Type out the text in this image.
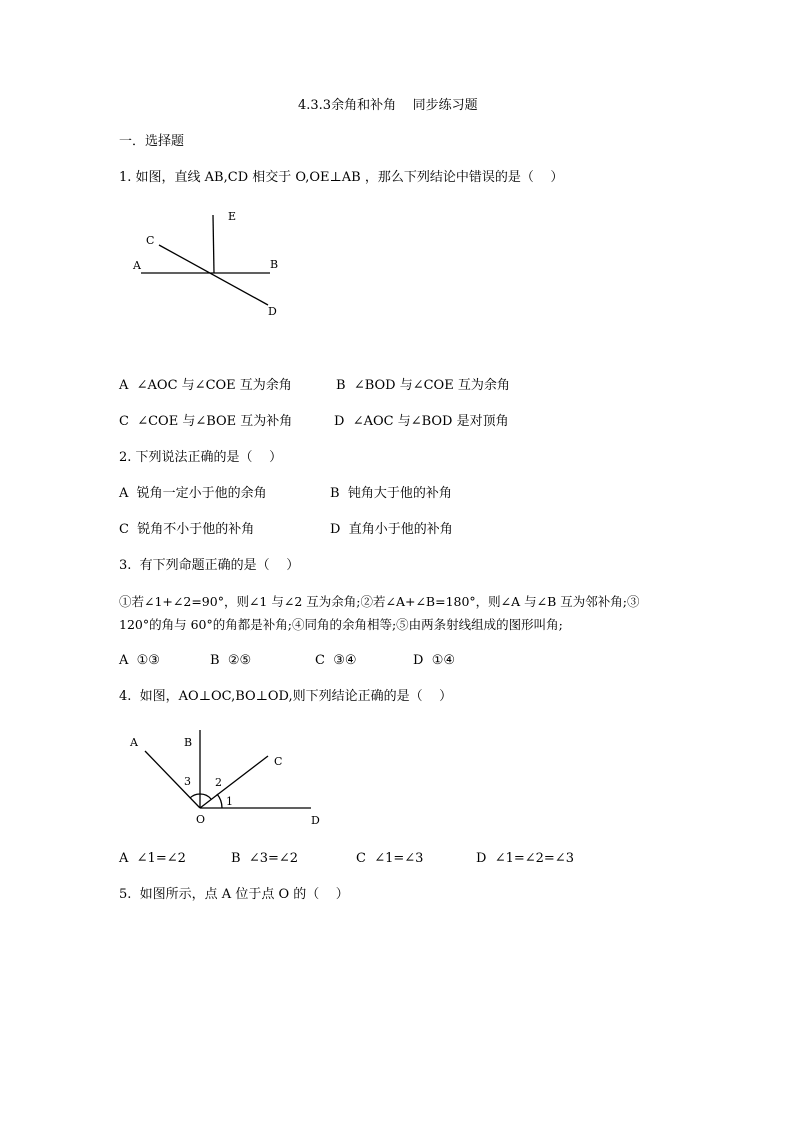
4.3.3余角和补角    同步练习题
一．选择题
1. 如图，直线 AB,CD 相交于 O,OE⊥AB ，那么下列结论中错误的是（    ）
A	B
C
D
E
A  ∠AOC 与∠COE 互为余角	B  ∠BOD 与∠COE 互为余角
C  ∠COE 与∠BOE 互为补角	D  ∠AOC 与∠BOD 是对顶角
2. 下列说法正确的是（    ）
A  锐角一定小于他的余角	B  钝角大于他的补角
C  锐角不小于他的补角	D  直角小于他的补角
3.  有下列命题正确的是（    ）
①若∠1+∠2=90°，则∠1 与∠2 互为余角;②若∠A+∠B=180°，则∠A 与∠B 互为邻补角;③
120°的角与 60°的角都是补角;④同角的余角相等;⑤由两条射线组成的图形叫角;
A  ①③	B  ②⑤	C  ③④	D  ①④
4.  如图，AO⊥OC,BO⊥OD,则下列结论正确的是（    ）
A	B
C
D
O
1
2
3
A  ∠1=∠2	B  ∠3=∠2	C  ∠1=∠3	D  ∠1=∠2=∠3
5.  如图所示，点 A 位于点 O 的（    ）
